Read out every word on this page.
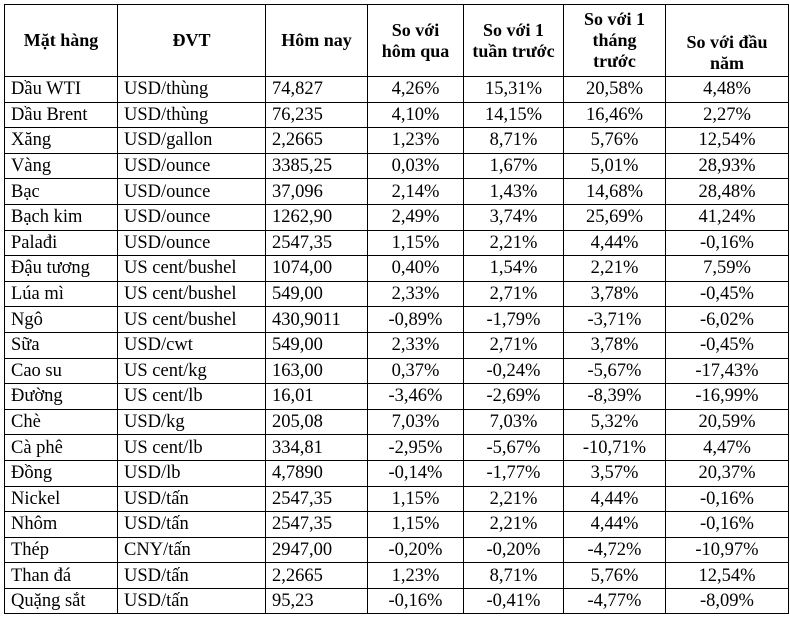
Mặt hàng	ĐVT	Hôm nay	So với hôm qua	So với 1 tuần trước	So với 1 tháng trước	So với đầu năm
Dầu WTI	USD/thùng	74,827	4,26%	15,31%	20,58%	4,48%
Dầu Brent	USD/thùng	76,235	4,10%	14,15%	16,46%	2,27%
Xăng	USD/gallon	2,2665	1,23%	8,71%	5,76%	12,54%
Vàng	USD/ounce	3385,25	0,03%	1,67%	5,01%	28,93%
Bạc	USD/ounce	37,096	2,14%	1,43%	14,68%	28,48%
Bạch kim	USD/ounce	1262,90	2,49%	3,74%	25,69%	41,24%
Palađi	USD/ounce	2547,35	1,15%	2,21%	4,44%	-0,16%
Đậu tương	US cent/bushel	1074,00	0,40%	1,54%	2,21%	7,59%
Lúa mì	US cent/bushel	549,00	2,33%	2,71%	3,78%	-0,45%
Ngô	US cent/bushel	430,9011	-0,89%	-1,79%	-3,71%	-6,02%
Sữa	USD/cwt	549,00	2,33%	2,71%	3,78%	-0,45%
Cao su	US cent/kg	163,00	0,37%	-0,24%	-5,67%	-17,43%
Đường	US cent/lb	16,01	-3,46%	-2,69%	-8,39%	-16,99%
Chè	USD/kg	205,08	7,03%	7,03%	5,32%	20,59%
Cà phê	US cent/lb	334,81	-2,95%	-5,67%	-10,71%	4,47%
Đồng	USD/lb	4,7890	-0,14%	-1,77%	3,57%	20,37%
Nickel	USD/tấn	2547,35	1,15%	2,21%	4,44%	-0,16%
Nhôm	USD/tấn	2547,35	1,15%	2,21%	4,44%	-0,16%
Thép	CNY/tấn	2947,00	-0,20%	-0,20%	-4,72%	-10,97%
Than đá	USD/tấn	2,2665	1,23%	8,71%	5,76%	12,54%
Quặng sắt	USD/tấn	95,23	-0,16%	-0,41%	-4,77%	-8,09%
